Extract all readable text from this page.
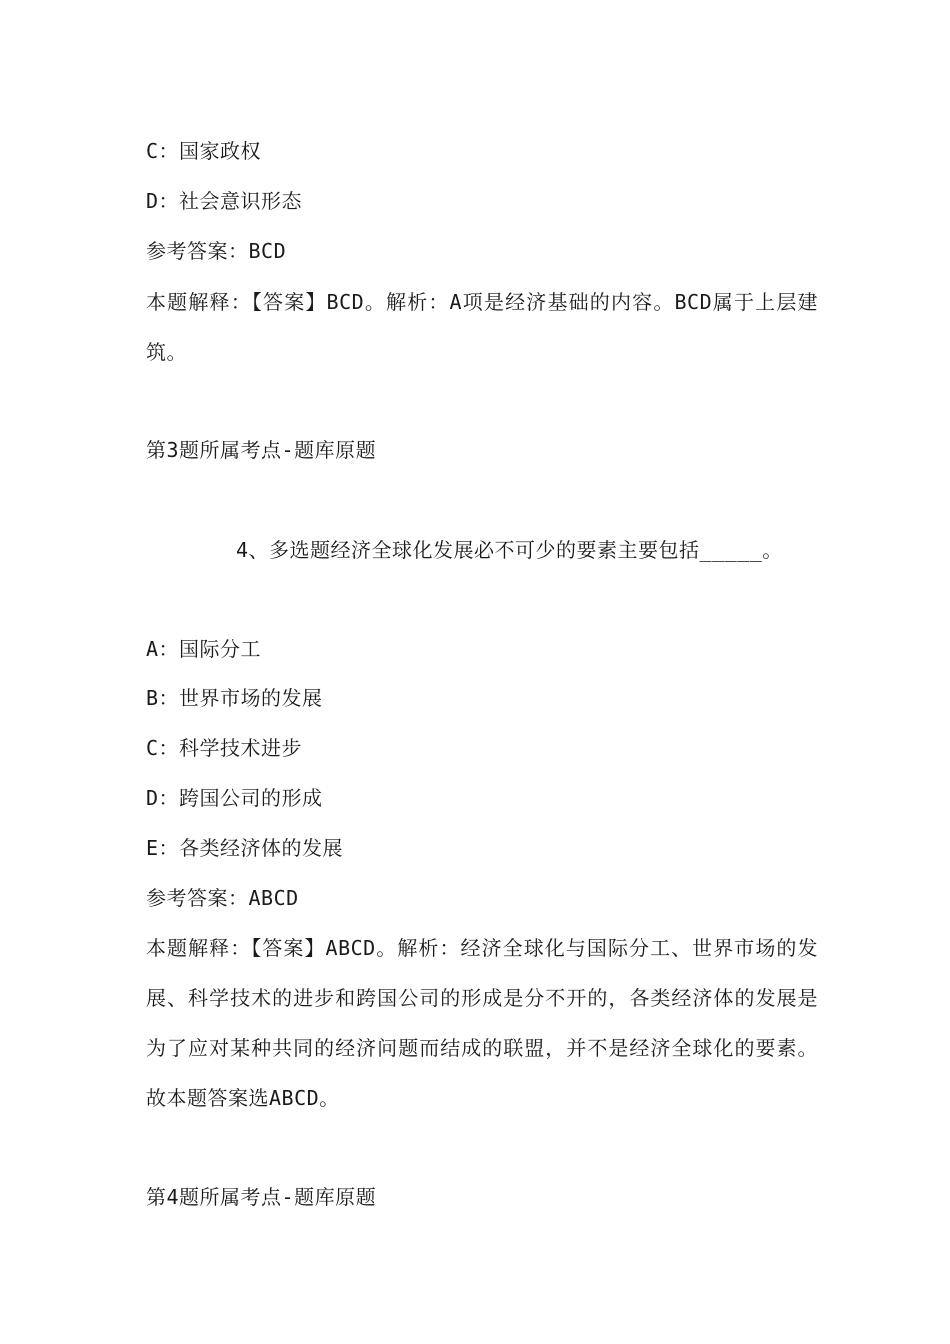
C：国家政权
D：社会意识形态
参考答案：BCD
本题解释：【答案】BCD。解析：A项是经济基础的内容。BCD属于上层建筑。
第3题所属考点-题库原题
4、多选题经济全球化发展必不可少的要素主要包括_____。
A：国际分工
B：世界市场的发展
C：科学技术进步
D：跨国公司的形成
E：各类经济体的发展
参考答案：ABCD
本题解释：【答案】ABCD。解析：经济全球化与国际分工、世界市场的发展、科学技术的进步和跨国公司的形成是分不开的，各类经济体的发展是为了应对某种共同的经济问题而结成的联盟，并不是经济全球化的要素。故本题答案选ABCD。
第4题所属考点-题库原题
